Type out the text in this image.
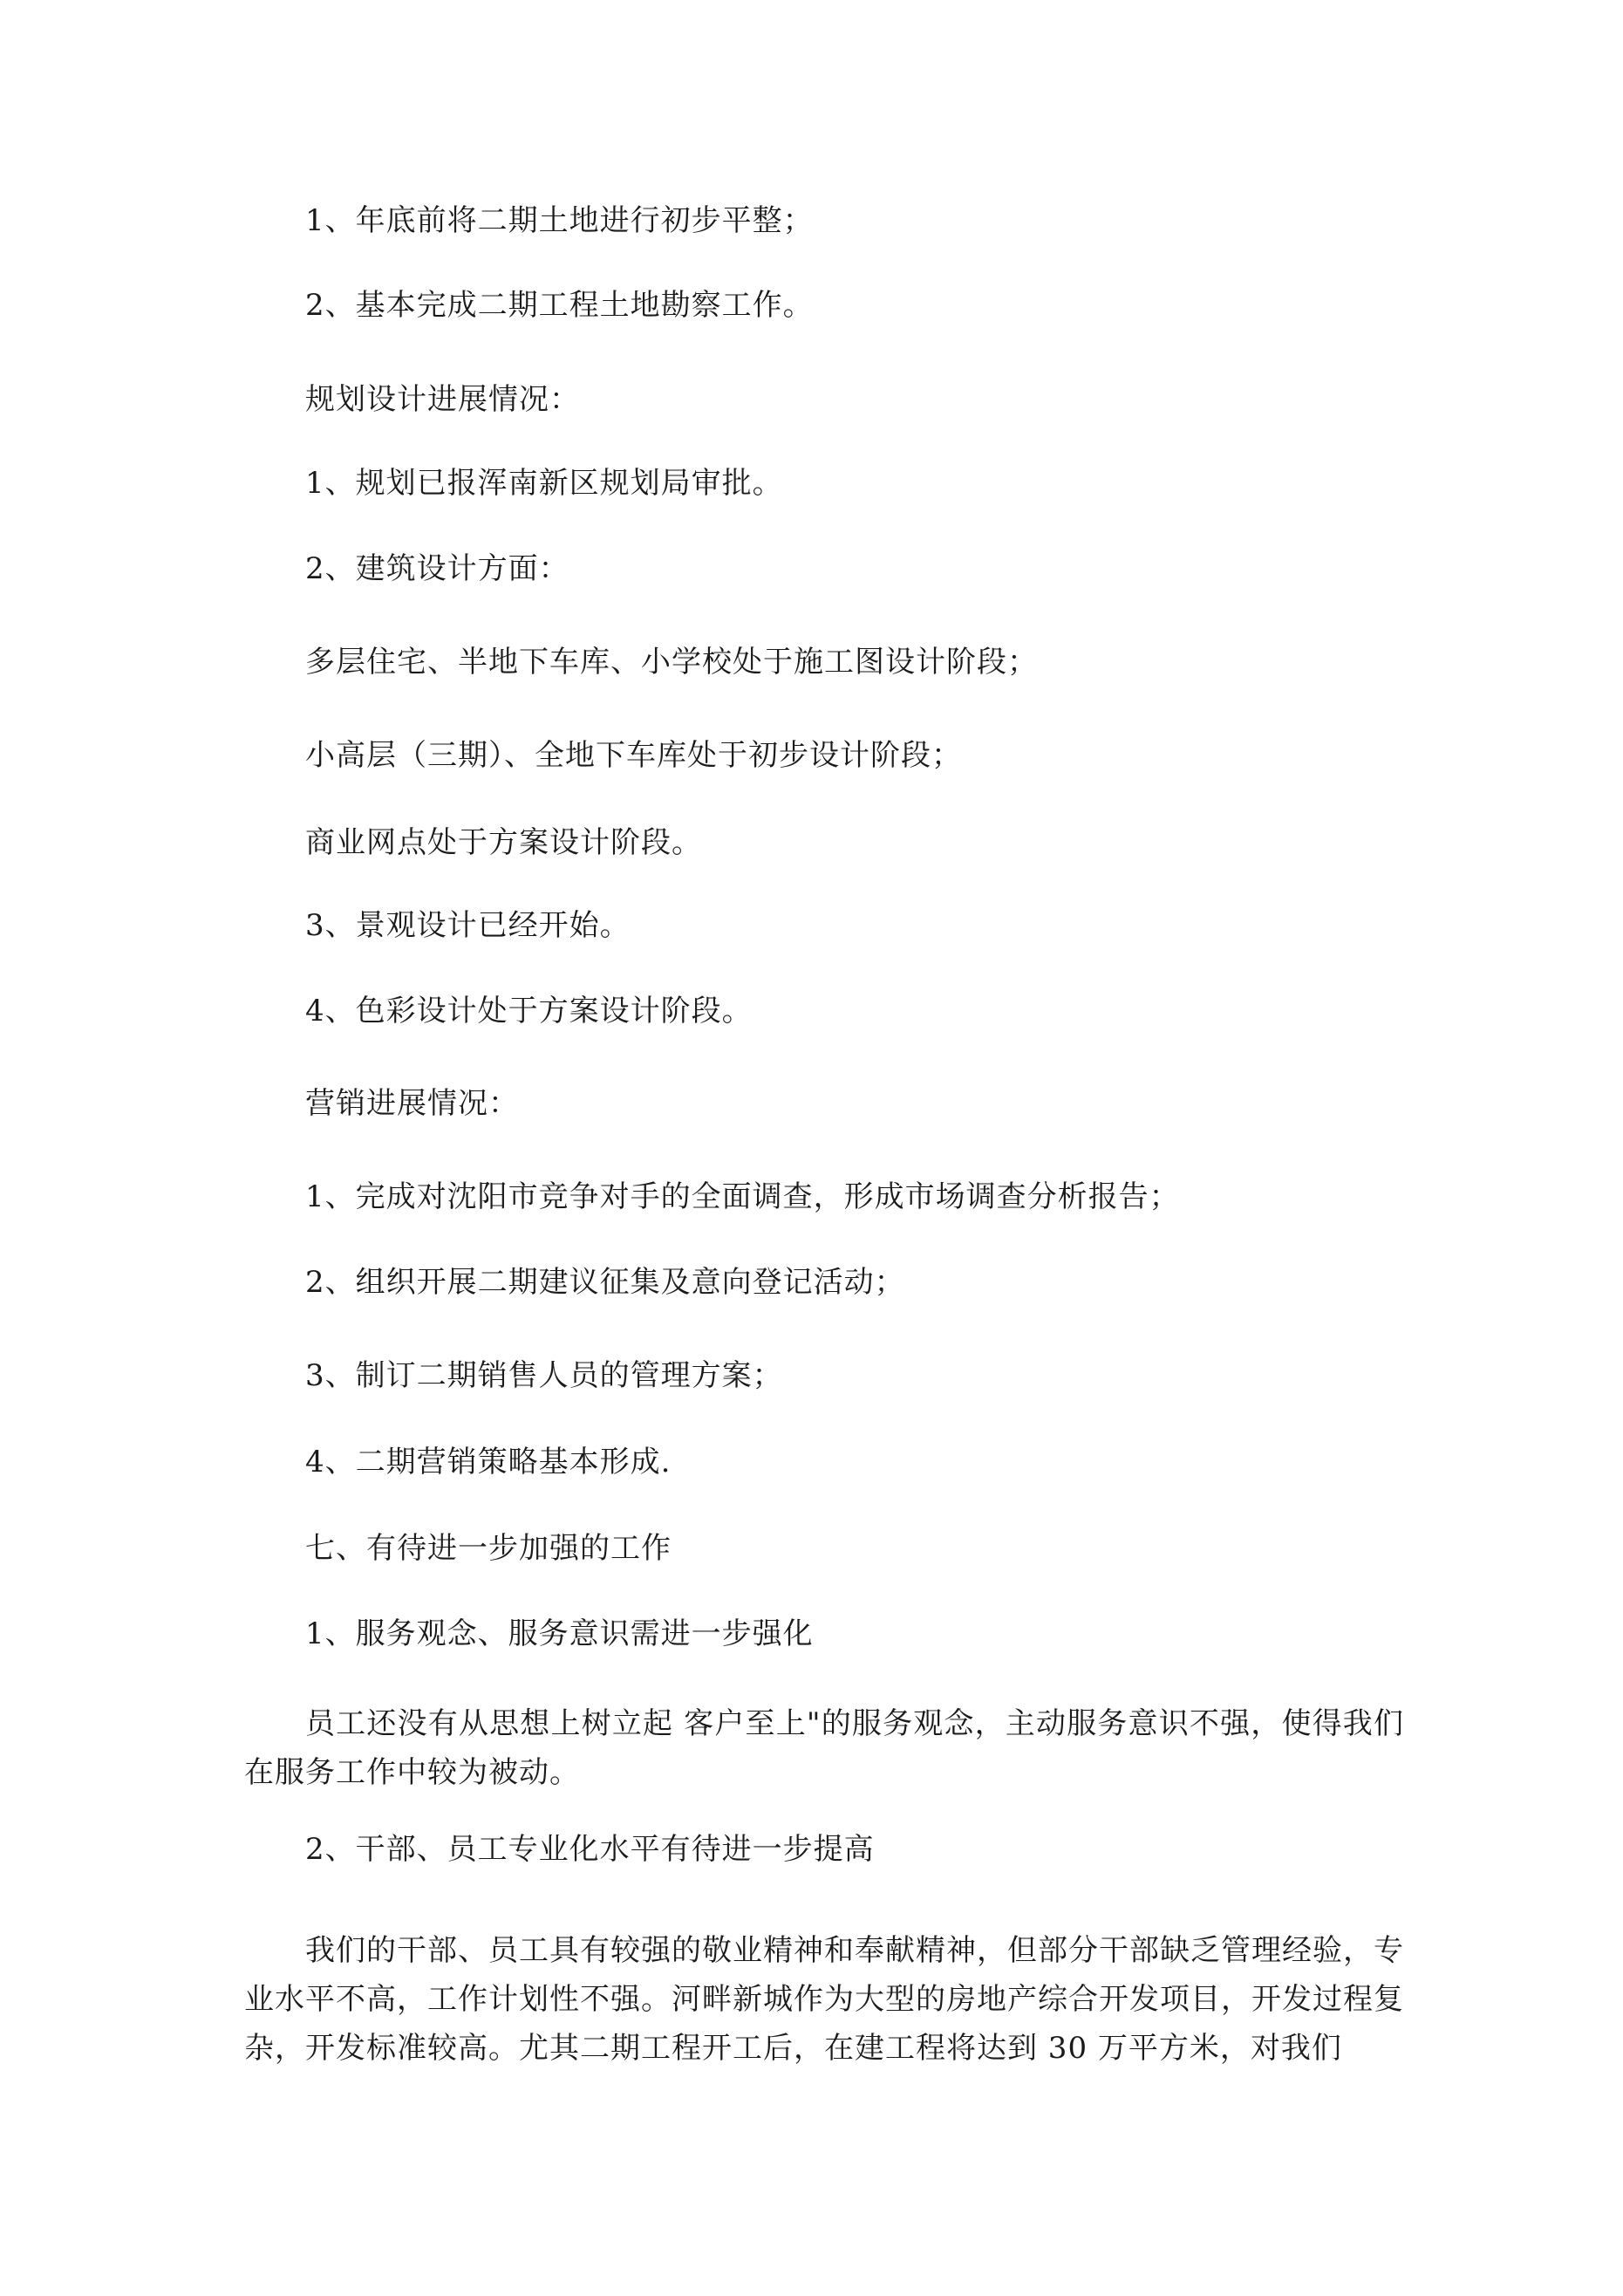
1、年底前将二期土地进行初步平整；
2、基本完成二期工程土地勘察工作。
规划设计进展情况：
1、规划已报浑南新区规划局审批。
2、建筑设计方面：
多层住宅、半地下车库、小学校处于施工图设计阶段；
小高层（三期）、全地下车库处于初步设计阶段；
商业网点处于方案设计阶段。
3、景观设计已经开始。
4、色彩设计处于方案设计阶段。
营销进展情况：
1、完成对沈阳市竞争对手的全面调查，形成市场调查分析报告；
2、组织开展二期建议征集及意向登记活动；
3、制订二期销售人员的管理方案；
4、二期营销策略基本形成.
七、有待进一步加强的工作
1、服务观念、服务意识需进一步强化
员工还没有从思想上树立起 客户至上"的服务观念，主动服务意识不强，使得我们在服务工作中较为被动。
2、干部、员工专业化水平有待进一步提高
我们的干部、员工具有较强的敬业精神和奉献精神，但部分干部缺乏管理经验，专业水平不高，工作计划性不强。河畔新城作为大型的房地产综合开发项目，开发过程复杂，开发标准较高。尤其二期工程开工后，在建工程将达到 30 万平方米，对我们
